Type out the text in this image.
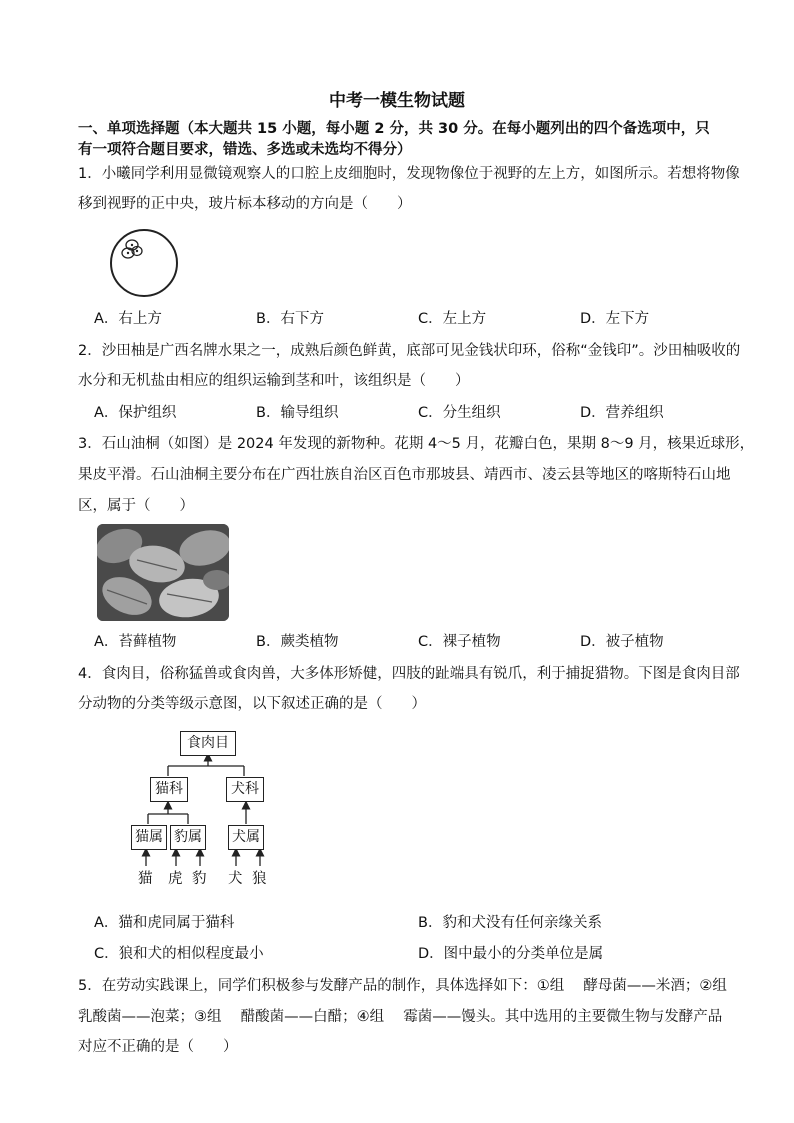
中考一模生物试题
一、单项选择题（本大题共 15 小题，每小题 2 分，共 30 分。在每小题列出的四个备选项中，只
有一项符合题目要求，错选、多选或未选均不得分）
1．小曦同学利用显微镜观察人的口腔上皮细胞时，发现物像位于视野的左上方，如图所示。若想将物像
移到视野的正中央，玻片标本移动的方向是（　　）
A．右上方	B．右下方	C．左上方	D．左下方
2．沙田柚是广西名牌水果之一，成熟后颜色鲜黄，底部可见金钱状印环，俗称“金钱印”。沙田柚吸收的
水分和无机盐由相应的组织运输到茎和叶，该组织是（　　）
A．保护组织	B．输导组织	C．分生组织	D．营养组织
3．石山油桐（如图）是 2024 年发现的新物种。花期 4～5 月，花瓣白色，果期 8～9 月，核果近球形，
果皮平滑。石山油桐主要分布在广西壮族自治区百色市那坡县、靖西市、凌云县等地区的喀斯特石山地
区，属于（　　）
A．苔藓植物	B．蕨类植物	C．裸子植物	D．被子植物
4．食肉目，俗称猛兽或食肉兽，大多体形矫健，四肢的趾端具有锐爪，利于捕捉猎物。下图是食肉目部
分动物的分类等级示意图，以下叙述正确的是（　　）
食肉目
猫科	犬科
猫属 豹属 犬属
猫 虎 豹 犬 狼
A．猫和虎同属于猫科	B．豹和犬没有任何亲缘关系
C．狼和犬的相似程度最小	D．图中最小的分类单位是属
5．在劳动实践课上，同学们积极参与发酵产品的制作，具体选择如下：①组　 酵母菌——米酒；②组
乳酸菌——泡菜；③组　 醋酸菌——白醋；④组　 霉菌——馒头。其中选用的主要微生物与发酵产品
对应不正确的是（　　）
